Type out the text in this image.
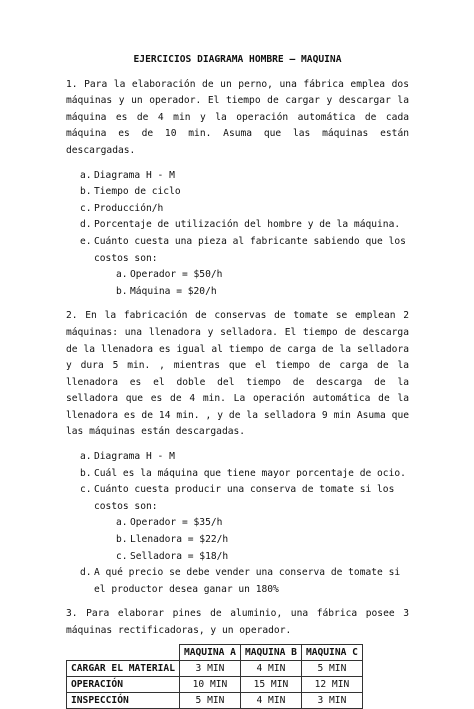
EJERCICIOS DIAGRAMA HOMBRE – MAQUINA

1. Para la elaboración de un perno, una fábrica emplea dos máquinas y un operador. El tiempo de cargar y descargar la máquina es de 4 min y la operación automática de cada máquina es de 10 min. Asuma que las máquinas están descargadas.

a. Diagrama H - M
b. Tiempo de ciclo
c. Producción/h
d. Porcentaje de utilización del hombre y de la máquina.
e. Cuánto cuesta una pieza al fabricante sabiendo que los costos son:
a. Operador = $50/h
b. Máquina = $20/h

2. En la fabricación de conservas de tomate se emplean 2 máquinas: una llenadora y selladora. El tiempo de descarga de la llenadora es igual al tiempo de carga de la selladora y dura 5 min. , mientras que el tiempo de carga de la llenadora es el doble del tiempo de descarga de la selladora que es de 4 min. La operación automática de la llenadora es de 14 min. , y de la selladora 9 min Asuma que las máquinas están descargadas.

a. Diagrama H - M
b. Cuál es la máquina que tiene mayor porcentaje de ocio.
c. Cuánto cuesta producir una conserva de tomate si los costos son:
a. Operador = $35/h
b. Llenadora = $22/h
c. Selladora = $18/h
d. A qué precio se debe vender una conserva de tomate si el productor desea ganar un 180%

3. Para elaborar pines de aluminio, una fábrica posee 3 máquinas rectificadoras, y un operador.

	MAQUINA A	MAQUINA B	MAQUINA C
CARGAR EL MATERIAL	3 MIN	4 MIN	5 MIN
OPERACIÓN	10 MIN	15 MIN	12 MIN
INSPECCIÓN	5 MIN	4 MIN	3 MIN
